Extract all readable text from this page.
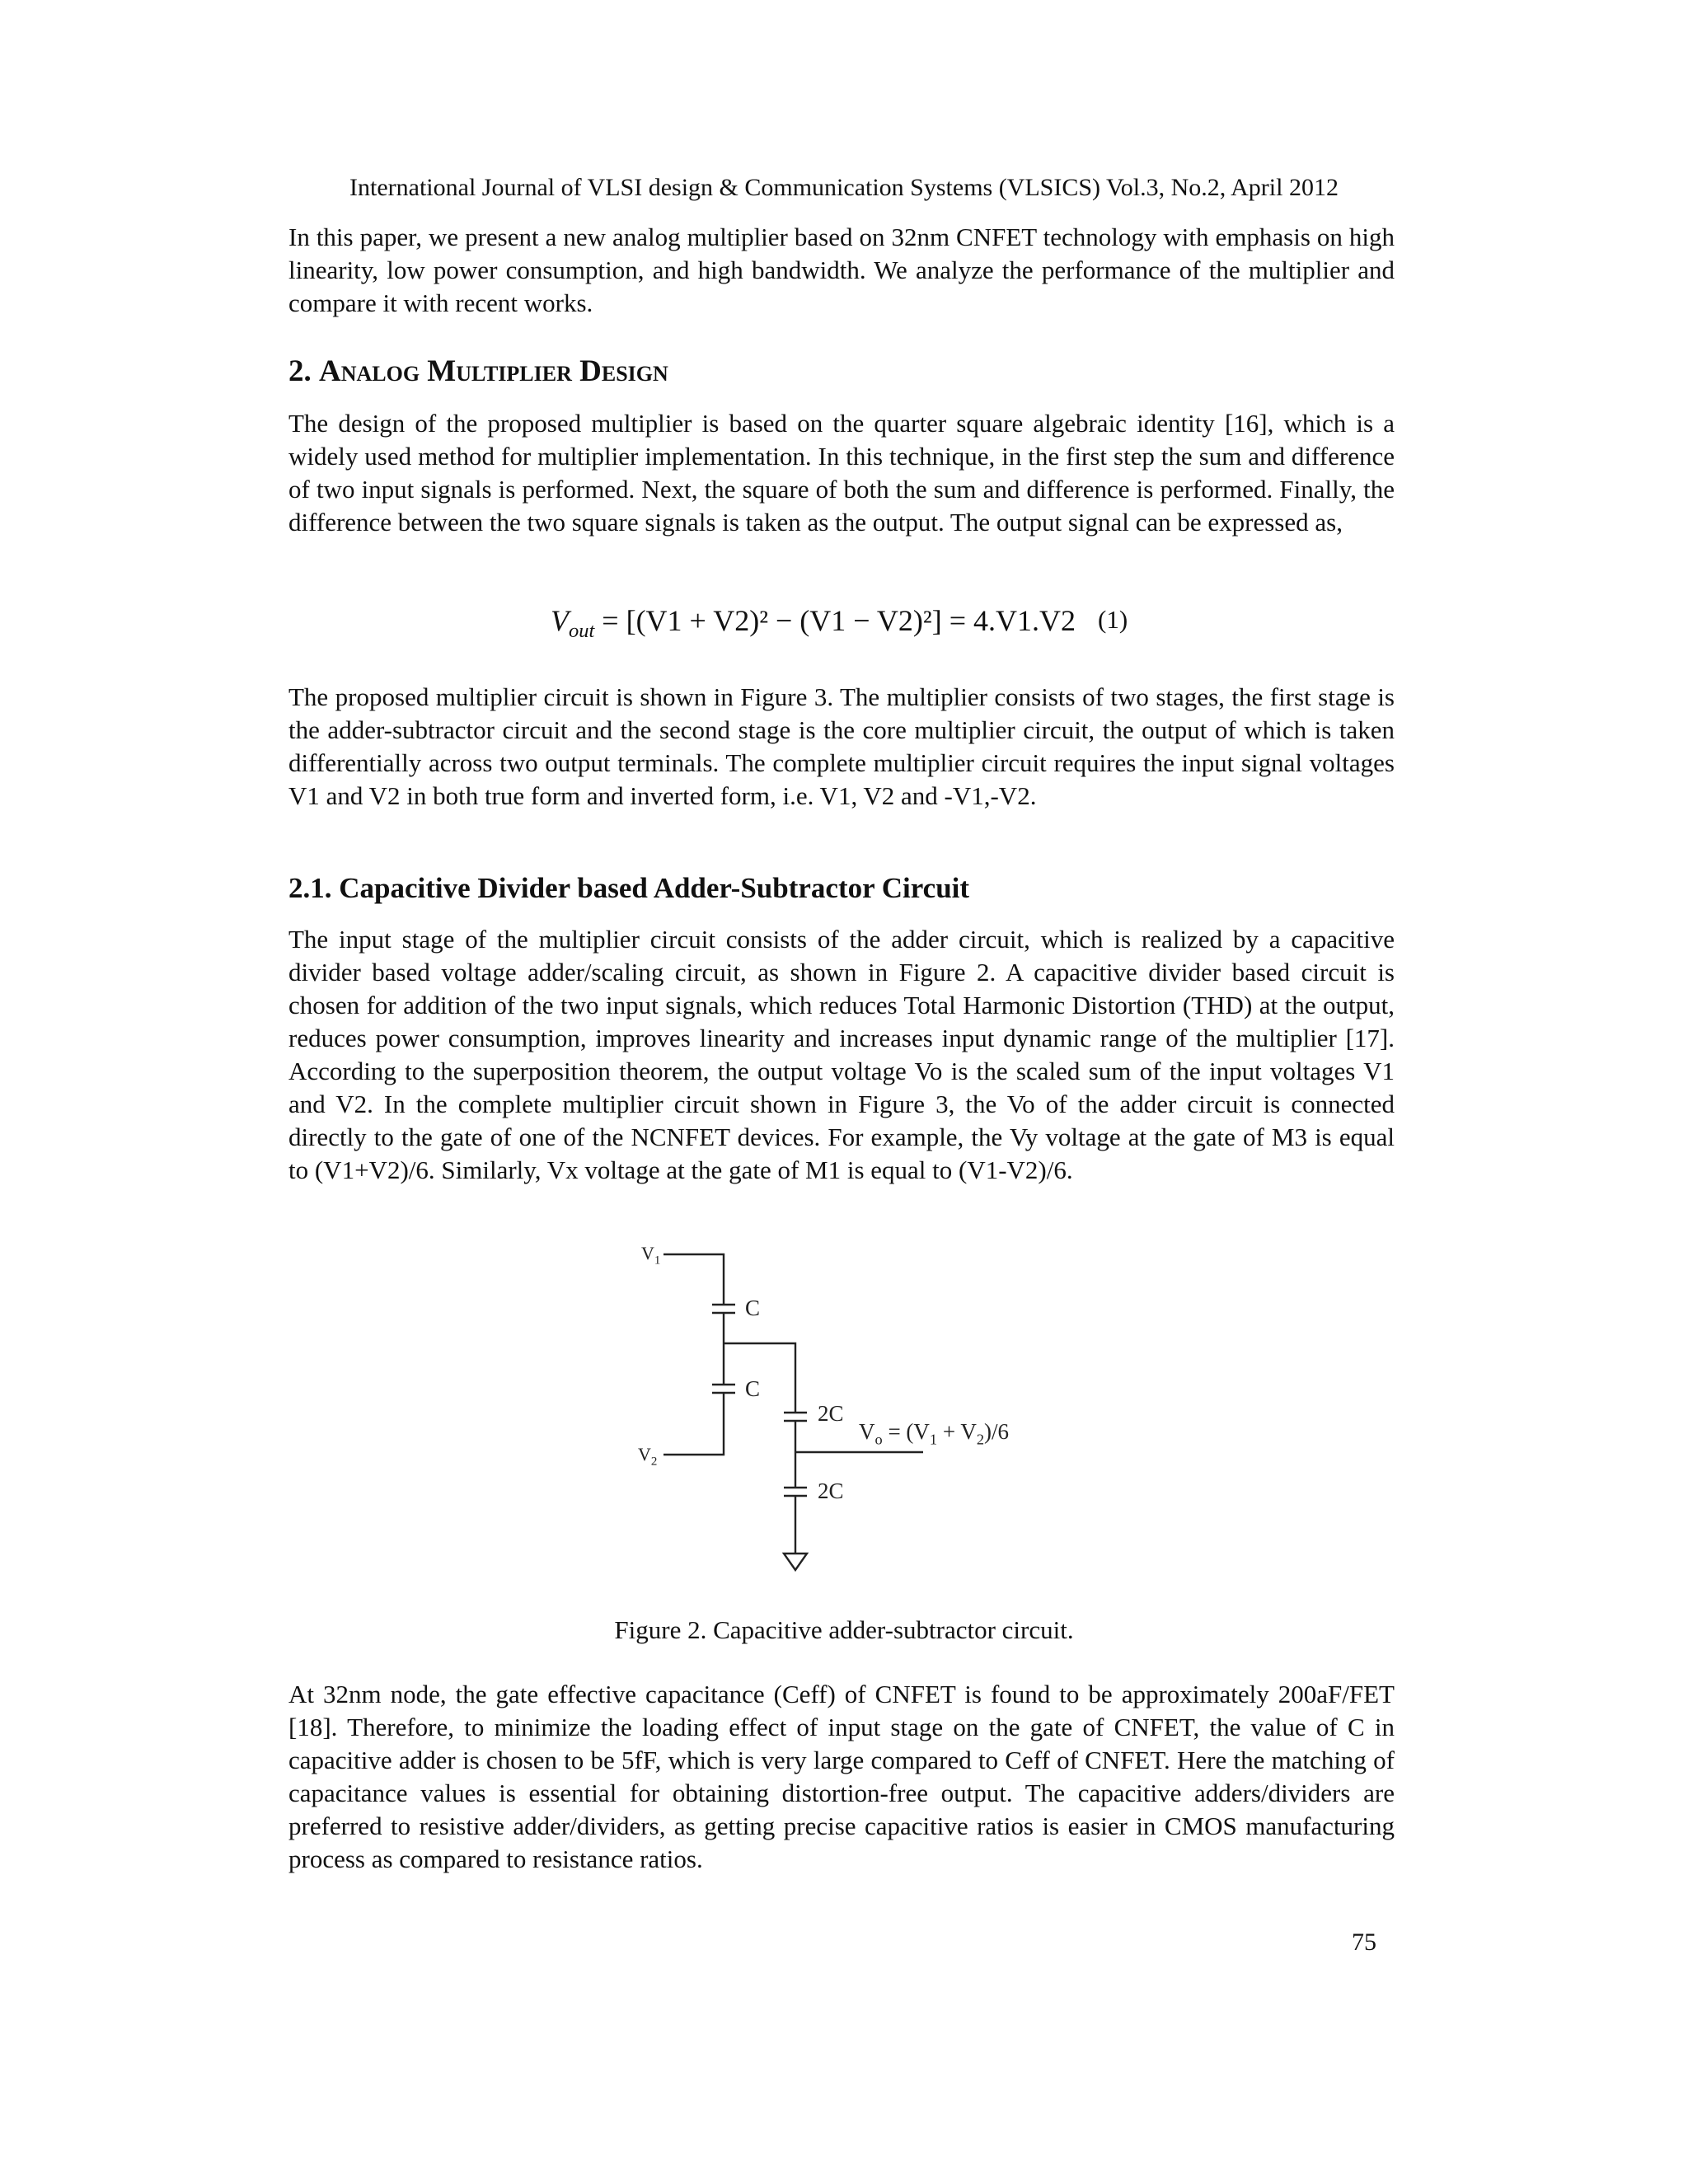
International Journal of VLSI design & Communication Systems (VLSICS) Vol.3, No.2, April 2012

In this paper, we present a new analog multiplier based on 32nm CNFET technology with emphasis on high linearity, low power consumption, and high bandwidth. We analyze the performance of the multiplier and compare it with recent works.

2. Analog Multiplier Design

The design of the proposed multiplier is based on the quarter square algebraic identity [16], which is a widely used method for multiplier implementation. In this technique, in the first step the sum and difference of two input signals is performed. Next, the square of both the sum and difference is performed. Finally, the difference between the two square signals is taken as the output. The output signal can be expressed as,

$V_{out} = [(V1 + V2)^2 - (V1 - V2)^2] = 4.V1.V2$ (1)

The proposed multiplier circuit is shown in Figure 3. The multiplier consists of two stages, the first stage is the adder-subtractor circuit and the second stage is the core multiplier circuit, the output of which is taken differentially across two output terminals. The complete multiplier circuit requires the input signal voltages V1 and V2 in both true form and inverted form, i.e. V1, V2 and -V1,-V2.

2.1. Capacitive Divider based Adder-Subtractor Circuit

The input stage of the multiplier circuit consists of the adder circuit, which is realized by a capacitive divider based voltage adder/scaling circuit, as shown in Figure 2. A capacitive divider based circuit is chosen for addition of the two input signals, which reduces Total Harmonic Distortion (THD) at the output, reduces power consumption, improves linearity and increases input dynamic range of the multiplier [17]. According to the superposition theorem, the output voltage Vo is the scaled sum of the input voltages V1 and V2. In the complete multiplier circuit shown in Figure 3, the Vo of the adder circuit is connected directly to the gate of one of the NCNFET devices. For example, the Vy voltage at the gate of M3 is equal to (V1+V2)/6. Similarly, Vx voltage at the gate of M1 is equal to (V1-V2)/6.

At 32nm node, the gate effective capacitance (Ceff) of CNFET is found to be approximately 200aF/FET [18]. Therefore, to minimize the loading effect of input stage on the gate of CNFET, the value of C in capacitive adder is chosen to be 5fF, which is very large compared to Ceff of CNFET. Here the matching of capacitance values is essential for obtaining distortion-free output. The capacitive adders/dividers are preferred to resistive adder/dividers, as getting precise capacitive ratios is easier in CMOS manufacturing process as compared to resistance ratios.

$V_1$
$V_2$
C
C
2C
$V_o = (V_1 + V_2)/6$
2C
Figure 2. Capacitive adder-subtractor circuit.
75
